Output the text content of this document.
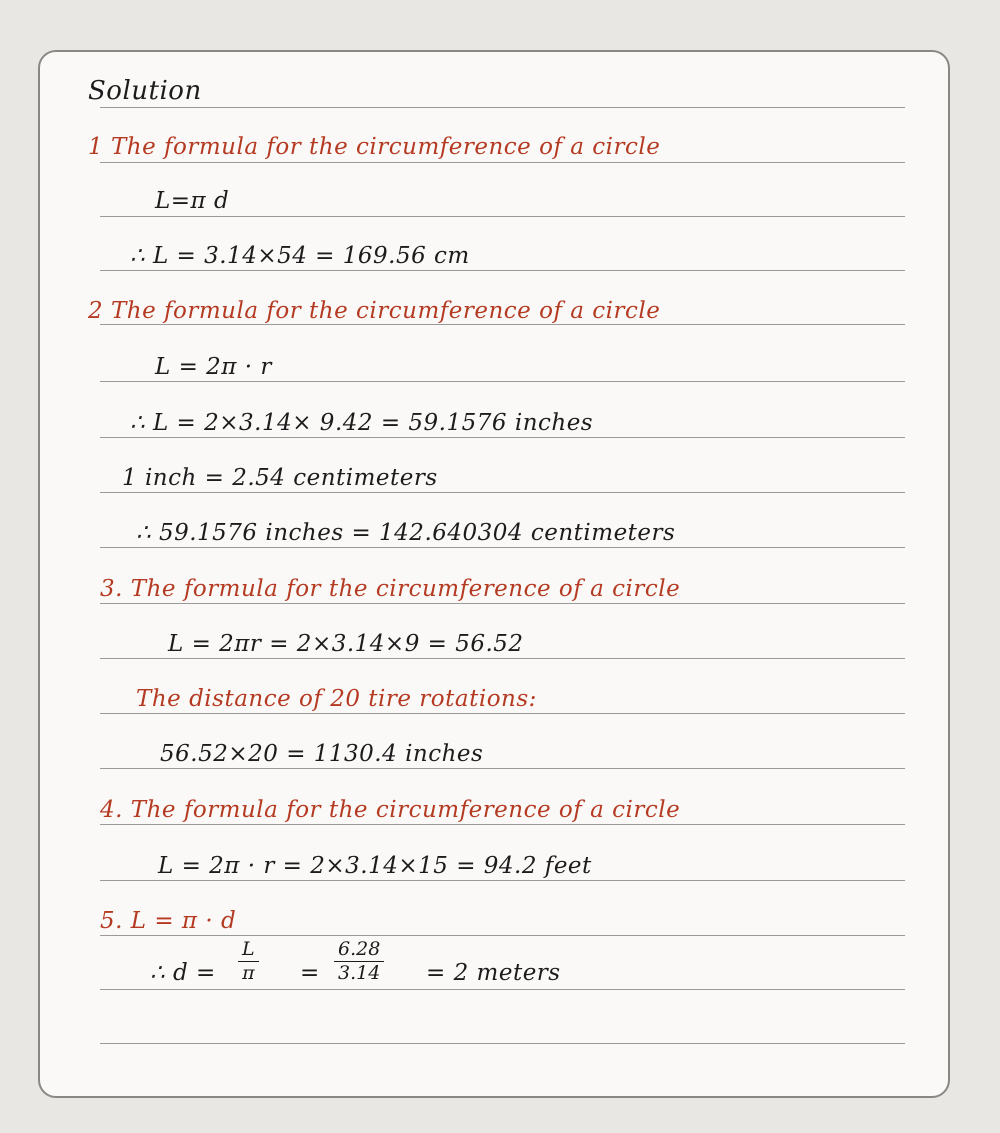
Solution
1 The formula for the circumference of a circle
L=π d
∴ L = 3.14×54 = 169.56 cm
2 The formula for the circumference of a circle
L = 2π · r
∴ L = 2×3.14× 9.42 = 59.1576 inches
1 inch = 2.54 centimeters
∴ 59.1576 inches = 142.640304 centimeters
3. The formula for the circumference of a circle
L = 2πr = 2×3.14×9 = 56.52
The distance of 20 tire rotations:
56.52×20 = 1130.4 inches
4. The formula for the circumference of a circle
L = 2π · r = 2×3.14×15 = 94.2 feet
5. L = π · d
∴ d =
L
π =
6.28
3.14 = 2 meters
